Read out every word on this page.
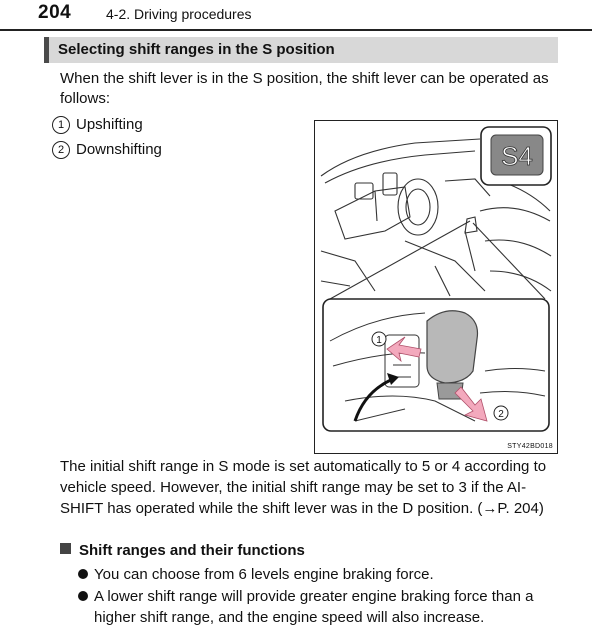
204 4-2. Driving procedures
Selecting shift ranges in the S position
When the shift lever is in the S position, the shift lever can be operated as follows:
1 Upshifting
2 Downshifting	S4
1
2
STY42BD018
The initial shift range in S mode is set automatically to 5 or 4 according to vehicle speed. However, the initial shift range may be set to 3 if the AI-SHIFT has operated while the shift lever was in the D position. (→P. 204)
Shift ranges and their functions
You can choose from 6 levels engine braking force.
A lower shift range will provide greater engine braking force than a higher shift range, and the engine speed will also increase.
